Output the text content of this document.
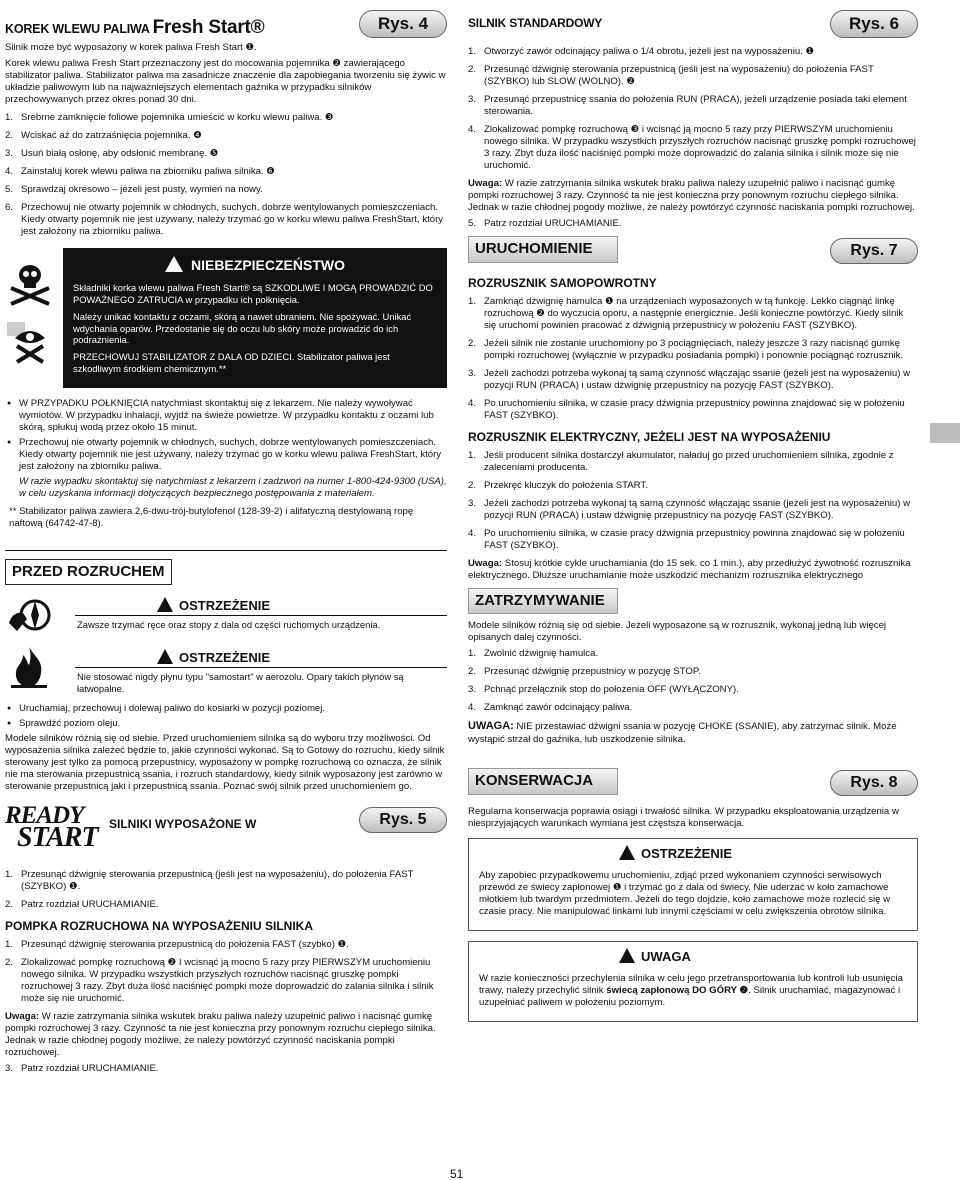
KOREK WLEWU PALIWA Fresh Start®	Rys. 4

Silnik może być wyposażony w korek paliwa Fresh Start ❶.

Korek wlewu paliwa Fresh Start przeznaczony jest do mocowania pojemnika ❷ zawierającego stabilizator paliwa. Stabilizator paliwa ma zasadnicze znaczenie dla zapobiegania tworzeniu się żywic w układzie paliwowym lub na najważniejszych elementach gaźnika w przypadku silników przechowywanych przez okres ponad 30 dni.

1. Srebrne zamknięcie foliowe pojemnika umieścić w korku wlewu paliwa. ❸
2. Wciskać aż do zatrzaśnięcia pojemnika. ❹
3. Usuń białą osłonę, aby odsłonić membranę. ❺
4. Zainstaluj korek wlewu paliwa na zbiorniku paliwa silnika. ❻
5. Sprawdzaj okresowo – jeżeli jest pusty, wymień na nowy.
6. Przechowuj nie otwarty pojemnik w chłodnych, suchych, dobrze wentylowanych pomieszczeniach. Kiedy otwarty pojemnik nie jest używany, należy trzymać go w korku wlewu paliwa FreshStart, który jest założony na zbiorniku paliwa.

NIEBEZPIECZEŃSTWO

Składniki korka wlewu paliwa Fresh Start® są SZKODLIWE I MOGĄ PROWADZIĆ DO POWAŻNEGO ZATRUCIA w przypadku ich połknięcia.

Należy unikać kontaktu z oczami, skórą a nawet ubraniem. Nie spożywać. Unikać wdychania oparów. Przedostanie się do oczu lub skóry może prowadzić do ich podrażnienia.

PRZECHOWUJ STABILIZATOR Z DALA OD DZIECI. Stabilizator paliwa jest szkodliwym środkiem chemicznym.**

● W PRZYPADKU POŁKNIĘCIA natychmiast skontaktuj się z lekarzem. Nie należy wywoływać wymiotów. W przypadku inhalacji, wyjdź na świeże powietrze. W przypadku kontaktu z oczami lub skórą, spłukuj wodą przez około 15 minut.
● Przechowuj nie otwarty pojemnik w chłodnych, suchych, dobrze wentylowanych pomieszczeniach. Kiedy otwarty pojemnik nie jest używany, należy trzymać go w korku wlewu paliwa FreshStart, który jest założony na zbiorniku paliwa.

W razie wypadku skontaktuj się natychmiast z lekarzem i zadzwoń na numer 1-800-424-9300 (USA), w celu uzyskania informacji dotyczących bezpiecznego postępowania z materiałem.

** Stabilizator paliwa zawiera 2,6-dwu-trój-butylofenol (128-39-2) i alifatyczną destylowaną ropę naftową (64742-47-8).

PRZED ROZRUCHEM
OSTRZEŻENIE
Zawsze trzymać ręce oraz stopy z dala od części ruchomych urządzenia.
OSTRZEŻENIE
Nie stosować nigdy płynu typu "samostart" w aerozolu. Opary takich płynów są łatwopalne.
● Uruchamiaj, przechowuj i dolewaj paliwo do kosiarki w pozycji poziomej.
● Sprawdźć poziom oleju.

Modele silników różnią się od siebie. Przed uruchomieniem silnika są do wyboru trzy możliwości. Od wyposażenia silnika zależeć będzie to, jakie czynności wykonać. Są to Gotowy do rozruchu, kiedy silnik sterowany jest tylko za pomocą przepustnicy, wyposażony w pompkę rozruchową co oznacza, że silnik nie ma sterowania przepustnicą ssania, i rozruch standardowy, kiedy silnik wyposażony jest zarówno w sterowanie przepustnicą jaki i przepustnicą ssania. Poznać swój silnik przed uruchomieniem go.

READY
START SILNIKI WYPOSAŻONE W	Rys. 5
1. Przesunąć dźwignię sterowania przepustnicą (jeśli jest na wyposażeniu), do położenia FAST (SZYBKO) ❶.
2. Patrz rozdział URUCHAMIANIE.
POMPKA ROZRUCHOWA NA WYPOSAŻENIU SILNIKA
1. Przesunąć dźwignię sterowania przepustnicą do położenia FAST (szybko) ❶.
2. Zlokalizować pompkę rozruchową ❷ I wcisnąć ją mocno 5 razy przy PIERWSZYM uruchomieniu nowego silnika. W przypadku wszystkich przyszłych rozruchów nacisnąć gruszkę pompki rozruchowej 3 razy. Zbyt duża ilość naciśnięć pompki może doprowadzić do zalania silnika i silnik może się nie uruchomić.

Uwaga: W razie zatrzymania silnika wskutek braku paliwa należy uzupełnić paliwo i nacisnąć gumkę pompki rozruchowej 3 razy. Czynność ta nie jest konieczna przy ponownym rozruchu ciepłego silnika. Jednak w razie chłodnej pogody możliwe, że należy powtórzyć czynność naciskania pompki rozruchowej.

3. Patrz rozdział URUCHAMIANIE.
SILNIK STANDARDOWY	Rys. 6
1. Otworzyć zawór odcinający paliwa o 1/4 obrotu, jeżeli jest na wyposażeniu. ❶
2. Przesunąć dźwignię sterowania przepustnicą (jeśli jest na wyposażeniu) do położenia FAST (SZYBKO) lub SLOW (WOLNO). ❷
3. Przesunąć przepustnicę ssania do położenia RUN (PRACA), jeżeli urządzenie posiada taki element sterowania.
4. Zlokalizować pompkę rozruchową ❸ i wcisnąć ją mocno 5 razy przy PIERWSZYM uruchomieniu nowego silnika. W przypadku wszystkich przyszłych rozruchów nacisnąć gruszkę pompki rozruchowej 3 razy. Zbyt duża ilość naciśnięć pompki może doprowadzić do zalania silnika i silnik może się nie uruchomić.

Uwaga: W razie zatrzymania silnika wskutek braku paliwa należy uzupełnić paliwo i nacisnąć gumkę pompki rozruchowej 3 razy. Czynność ta nie jest konieczna przy ponownym rozruchu ciepłego silnika. Jednak w razie chłodnej pogody możliwe, że należy powtórzyć czynność naciskania pompki rozruchowej.

5. Patrz rozdział URUCHAMIANIE.
URUCHOMIENIE	Rys. 7
ROZRUSZNIK SAMOPOWROTNY
1. Zamknąć dźwignię hamulca ❶ na urządzeniach wyposażonych w tą funkcję. Lekko ciągnąć linkę rozruchową ❷ do wyczucia oporu, a następnie energicznie. Jeśli konieczne powtórzyć. Kiedy silnik się uruchomi powinien pracować z dźwignią przepustnicy w położeniu FAST (SZYBKO).
2. Jeżeli silnik nie zostanie uruchomiony po 3 pociągnięciach, należy jeszcze 3 razy nacisnąć gumkę pompki rozruchowej (wyłącznie w przypadku posiadania pompki) i ponownie pociągnąć rozrusznik.
3. Jeżeli zachodzi potrzeba wykonaj tą samą czynność włączając ssanie (jeżeli jest na wyposażeniu) w pozycji RUN (PRACA) i ustaw dźwignię przepustnicy na pozycję FAST (SZYBKO).
4. Po uruchomieniu silnika, w czasie pracy dźwignia przepustnicy powinna znajdować się w położeniu FAST (SZYBKO).
ROZRUSZNIK ELEKTRYCZNY, JEŻELI JEST NA WYPOSAŻENIU
1. Jeśli producent silnika dostarczył akumulator, naładuj go przed uruchomieniem silnika, zgodnie z zaleceniami producenta.
2. Przekręć kluczyk do położenia START.
3. Jeżeli zachodzi potrzeba wykonaj tą samą czynność włączając ssanie (jeżeli jest na wyposażeniu) w pozycji RUN (PRACA) i ustaw dźwignię przepustnicy na pozycję FAST (SZYBKO).
4. Po uruchomieniu silnika, w czasie pracy dźwignia przepustnicy powinna znajdować się w położeniu FAST (SZYBKO).

Uwaga: Stosuj krótkie cykle uruchamiania (do 15 sek. co 1 min.), aby przedłużyć żywotność rozrusznika elektrycznego. Dłuższe uruchamianie może uszkodzić mechanizm rozrusznika elektrycznego

ZATRZYMYWANIE

Modele silników różnią się od siebie. Jeżeli wyposażone są w rozrusznik, wykonaj jedną lub więcej opisanych dalej czynności.

1. Zwolnić dźwignię hamulca.
2. Przesunąć dźwignię przepustnicy w pozycję STOP.
3. Pchnąć przełącznik stop do położenia OFF (WYŁĄCZONY).
4. Zamknąć zawór odcinający paliwa.

UWAGA: NIE przestawiać dźwigni ssania w pozycję CHOKE (SSANIE), aby zatrzymać silnik. Może wystąpić strzał do gaźnika, lub uszkodzenie silnika.

KONSERWACJA	Rys. 8

Regularna konserwacja poprawia osiągi i trwałość silnika. W przypadku eksploatowania urządzenia w niesprzyjających warunkach wymiana jest częstsza konserwacja.

OSTRZEŻENIE

Aby zapobiec przypadkowemu uruchomieniu, zdjąć przed wykonaniem czynności serwisowych przewód ze świecy zapłonowej ❶ i trzymać go z dala od świecy. Nie uderzać w koło zamachowe młotkiem lub twardym przedmiotem. Jeżeli do tego dojdzie, koło zamachowe może rozlecić się w czasie pracy. Nie manipulować linkami lub innymi częściami w celu zwiększenia obrotów silnika.

UWAGA

W razie konieczności przechylenia silnika w celu jego przetransportowania lub kontroli lub usunięcia trawy, należy przechylić silnik świecą zapłonową DO GÓRY ❷. Silnik uruchamiać, magazynować i uzupełniać paliwem w położeniu poziomym.

51
